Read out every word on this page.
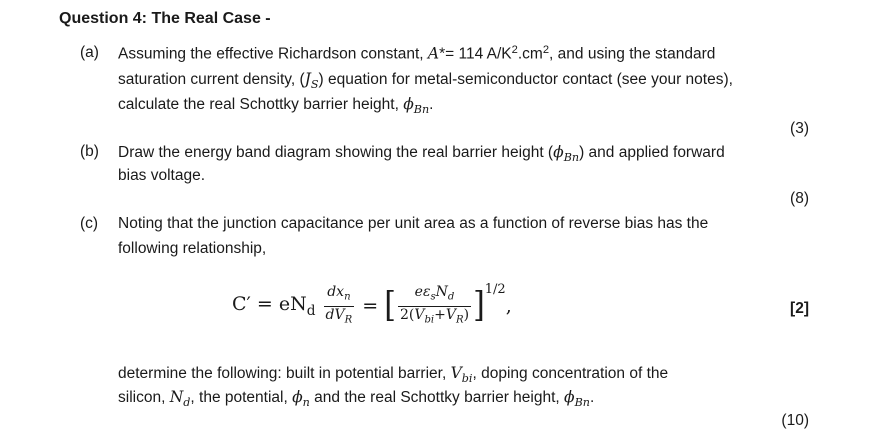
Question 4: The Real Case -
(a) Assuming the effective Richardson constant, A*= 114 $A/K^2.cm^2$, and using the standard
saturation current density, $(J_S)$ equation for metal-semiconductor contact (see your notes),
calculate the real Schottky barrier height, $\phi_{Bn}$.
(3)
(b) Draw the energy band diagram showing the real barrier height $(\phi_{Bn})$ and applied forward
bias voltage.
(8)
(c) Noting that the junction capacitance per unit area as a function of reverse bias has the
following relationship,
$C' = eN_d \frac{dx_n}{dV_R}$ = [ $\frac{e\varepsilon_sN_d}{2(V_{bi}+V_R)} ]1/2$,	[2]
determine the following: built in potential barrier, $V_{bi}$, doping concentration of the
silicon, $N_d$, the potential, $\phi_n$ and the real Schottky barrier height, $\phi_{Bn}$.
(10)
